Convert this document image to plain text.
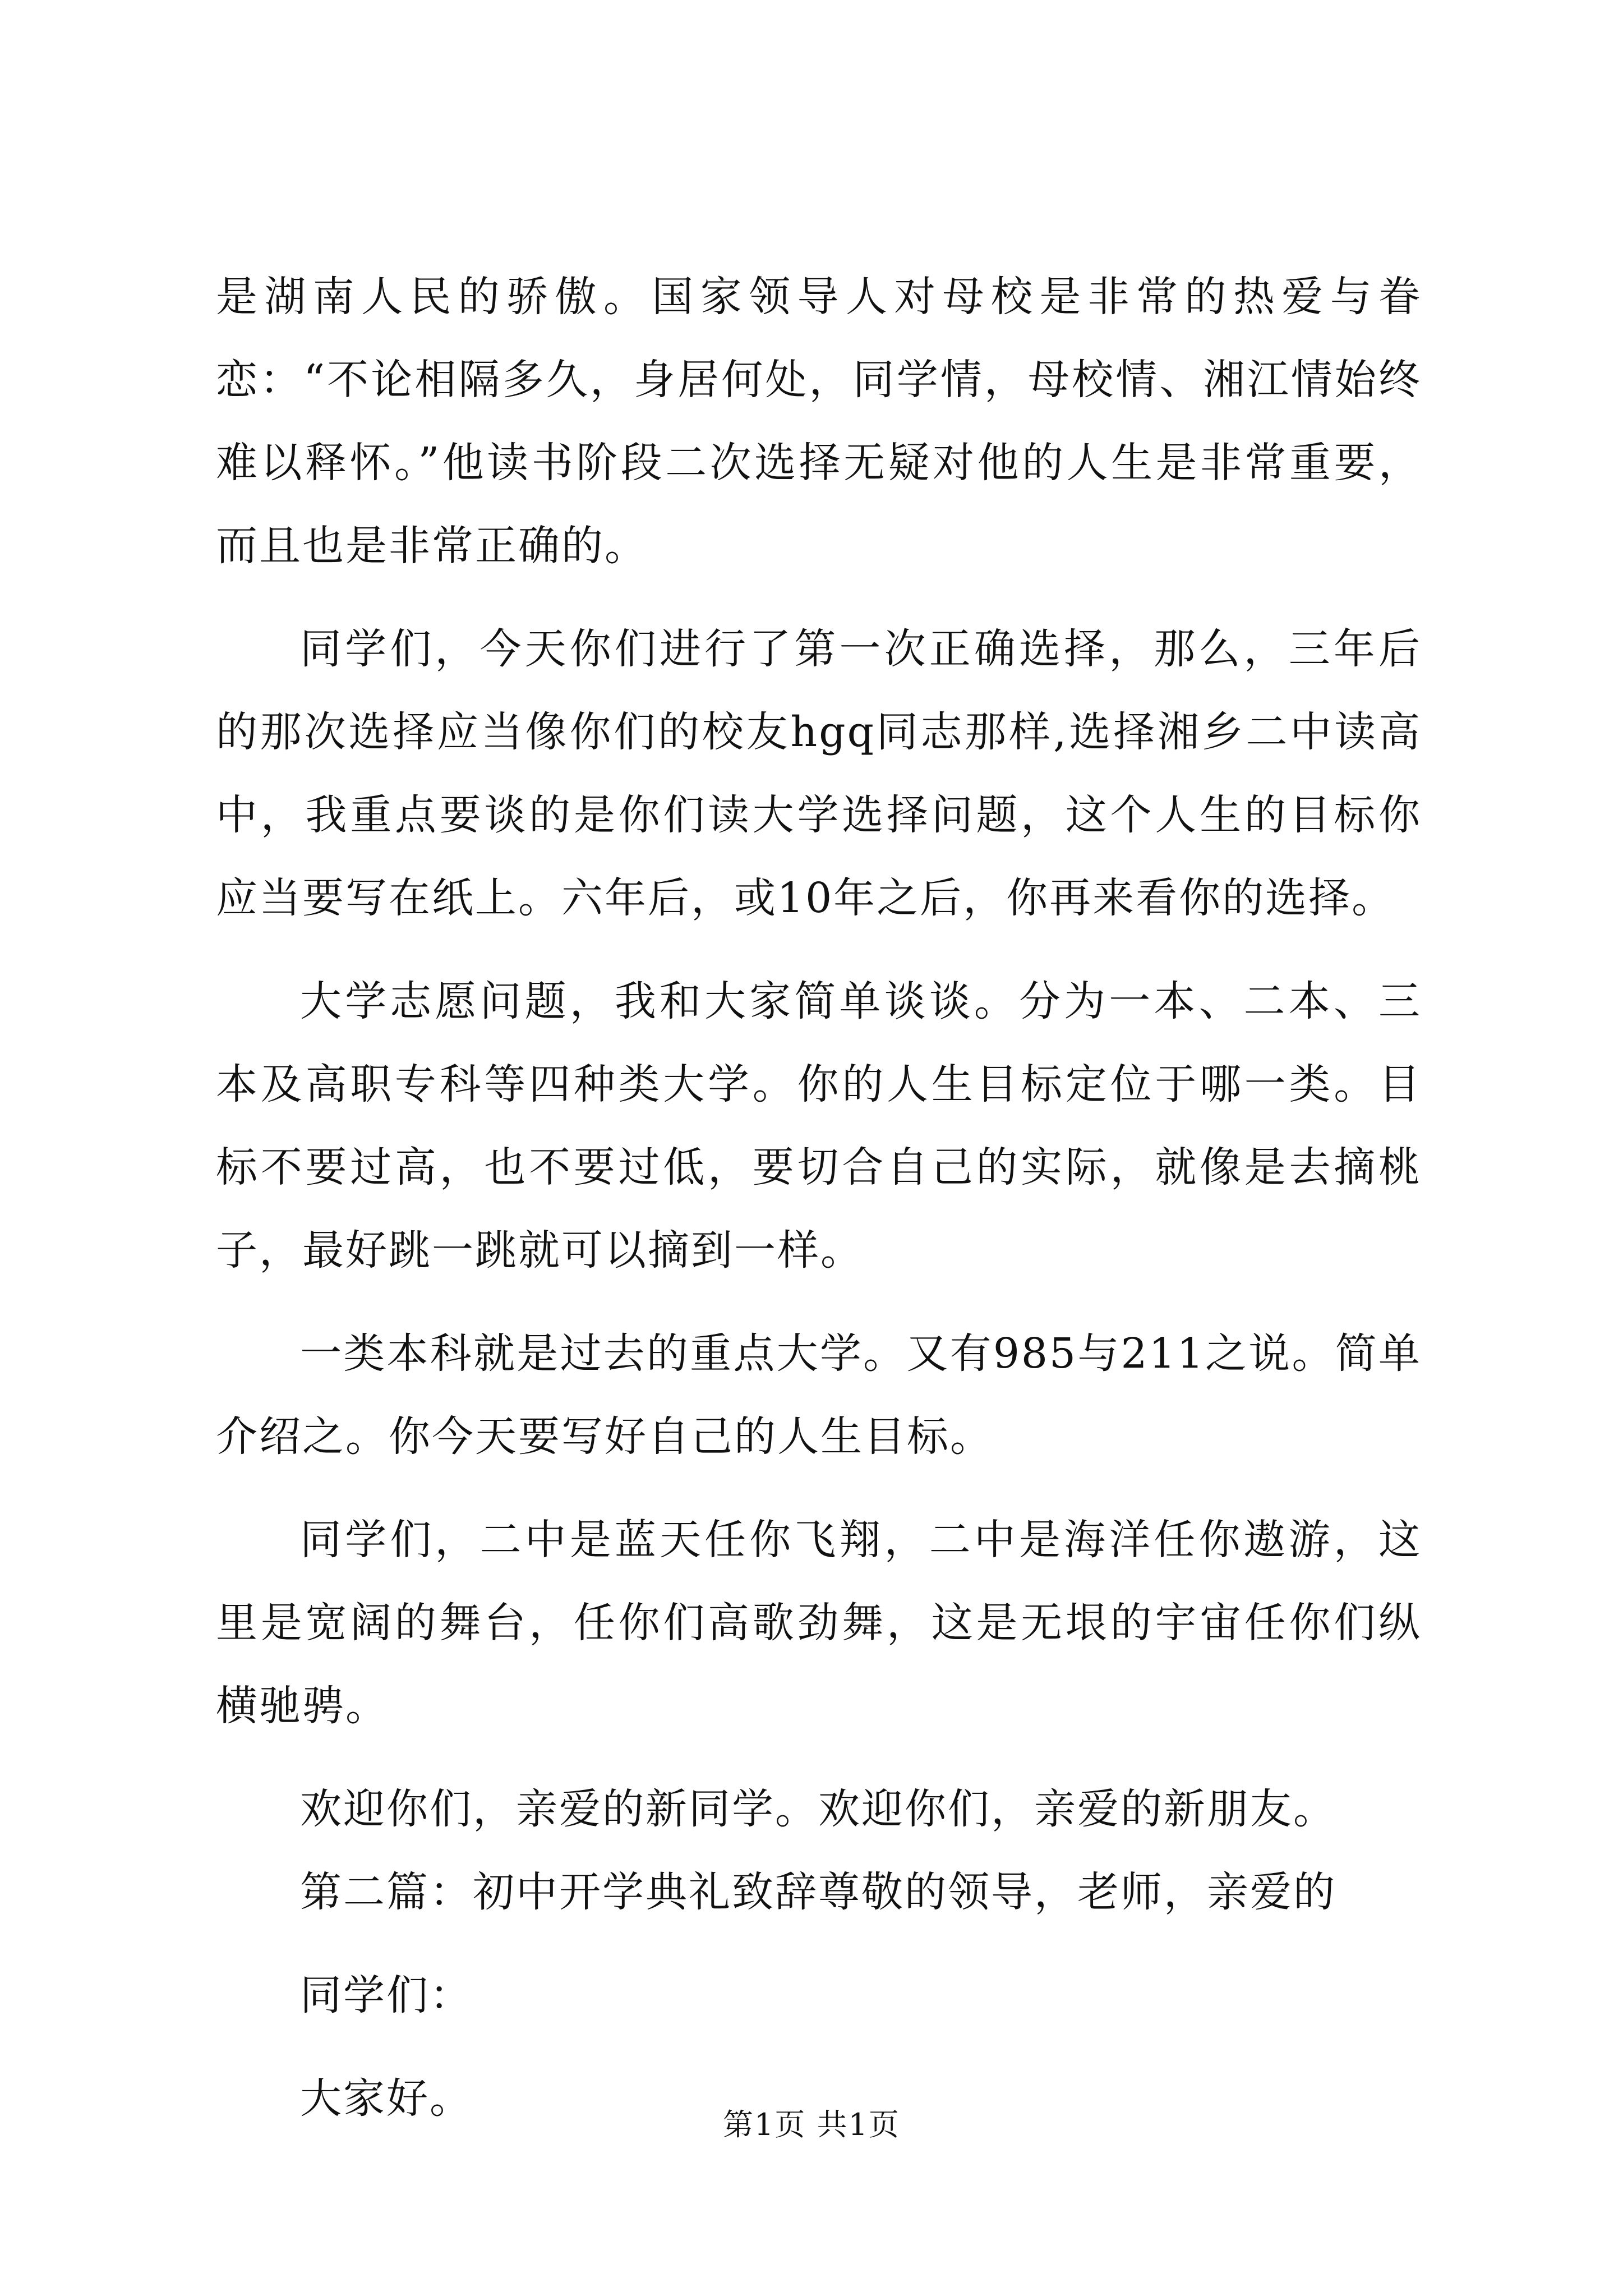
是湖南人民的骄傲。国家领导人对母校是非常的热爱与眷恋：“不论相隔多久，身居何处，同学情，母校情、湘江情始终难以释怀。”他读书阶段二次选择无疑对他的人生是非常重要，而且也是非常正确的。

同学们，今天你们进行了第一次正确选择，那么，三年后的那次选择应当像你们的校友hgq同志那样,选择湘乡二中读高中，我重点要谈的是你们读大学选择问题，这个人生的目标你应当要写在纸上。六年后，或10年之后，你再来看你的选择。

大学志愿问题，我和大家简单谈谈。分为一本、二本、三本及高职专科等四种类大学。你的人生目标定位于哪一类。目标不要过高，也不要过低，要切合自己的实际，就像是去摘桃子，最好跳一跳就可以摘到一样。

一类本科就是过去的重点大学。又有985与211之说。简单介绍之。你今天要写好自己的人生目标。

同学们，二中是蓝天任你飞翔，二中是海洋任你遨游，这里是宽阔的舞台，任你们高歌劲舞，这是无垠的宇宙任你们纵横驰骋。

欢迎你们，亲爱的新同学。欢迎你们，亲爱的新朋友。

第二篇：初中开学典礼致辞尊敬的领导，老师，亲爱的

同学们：

大家好。

第1页 共1页
